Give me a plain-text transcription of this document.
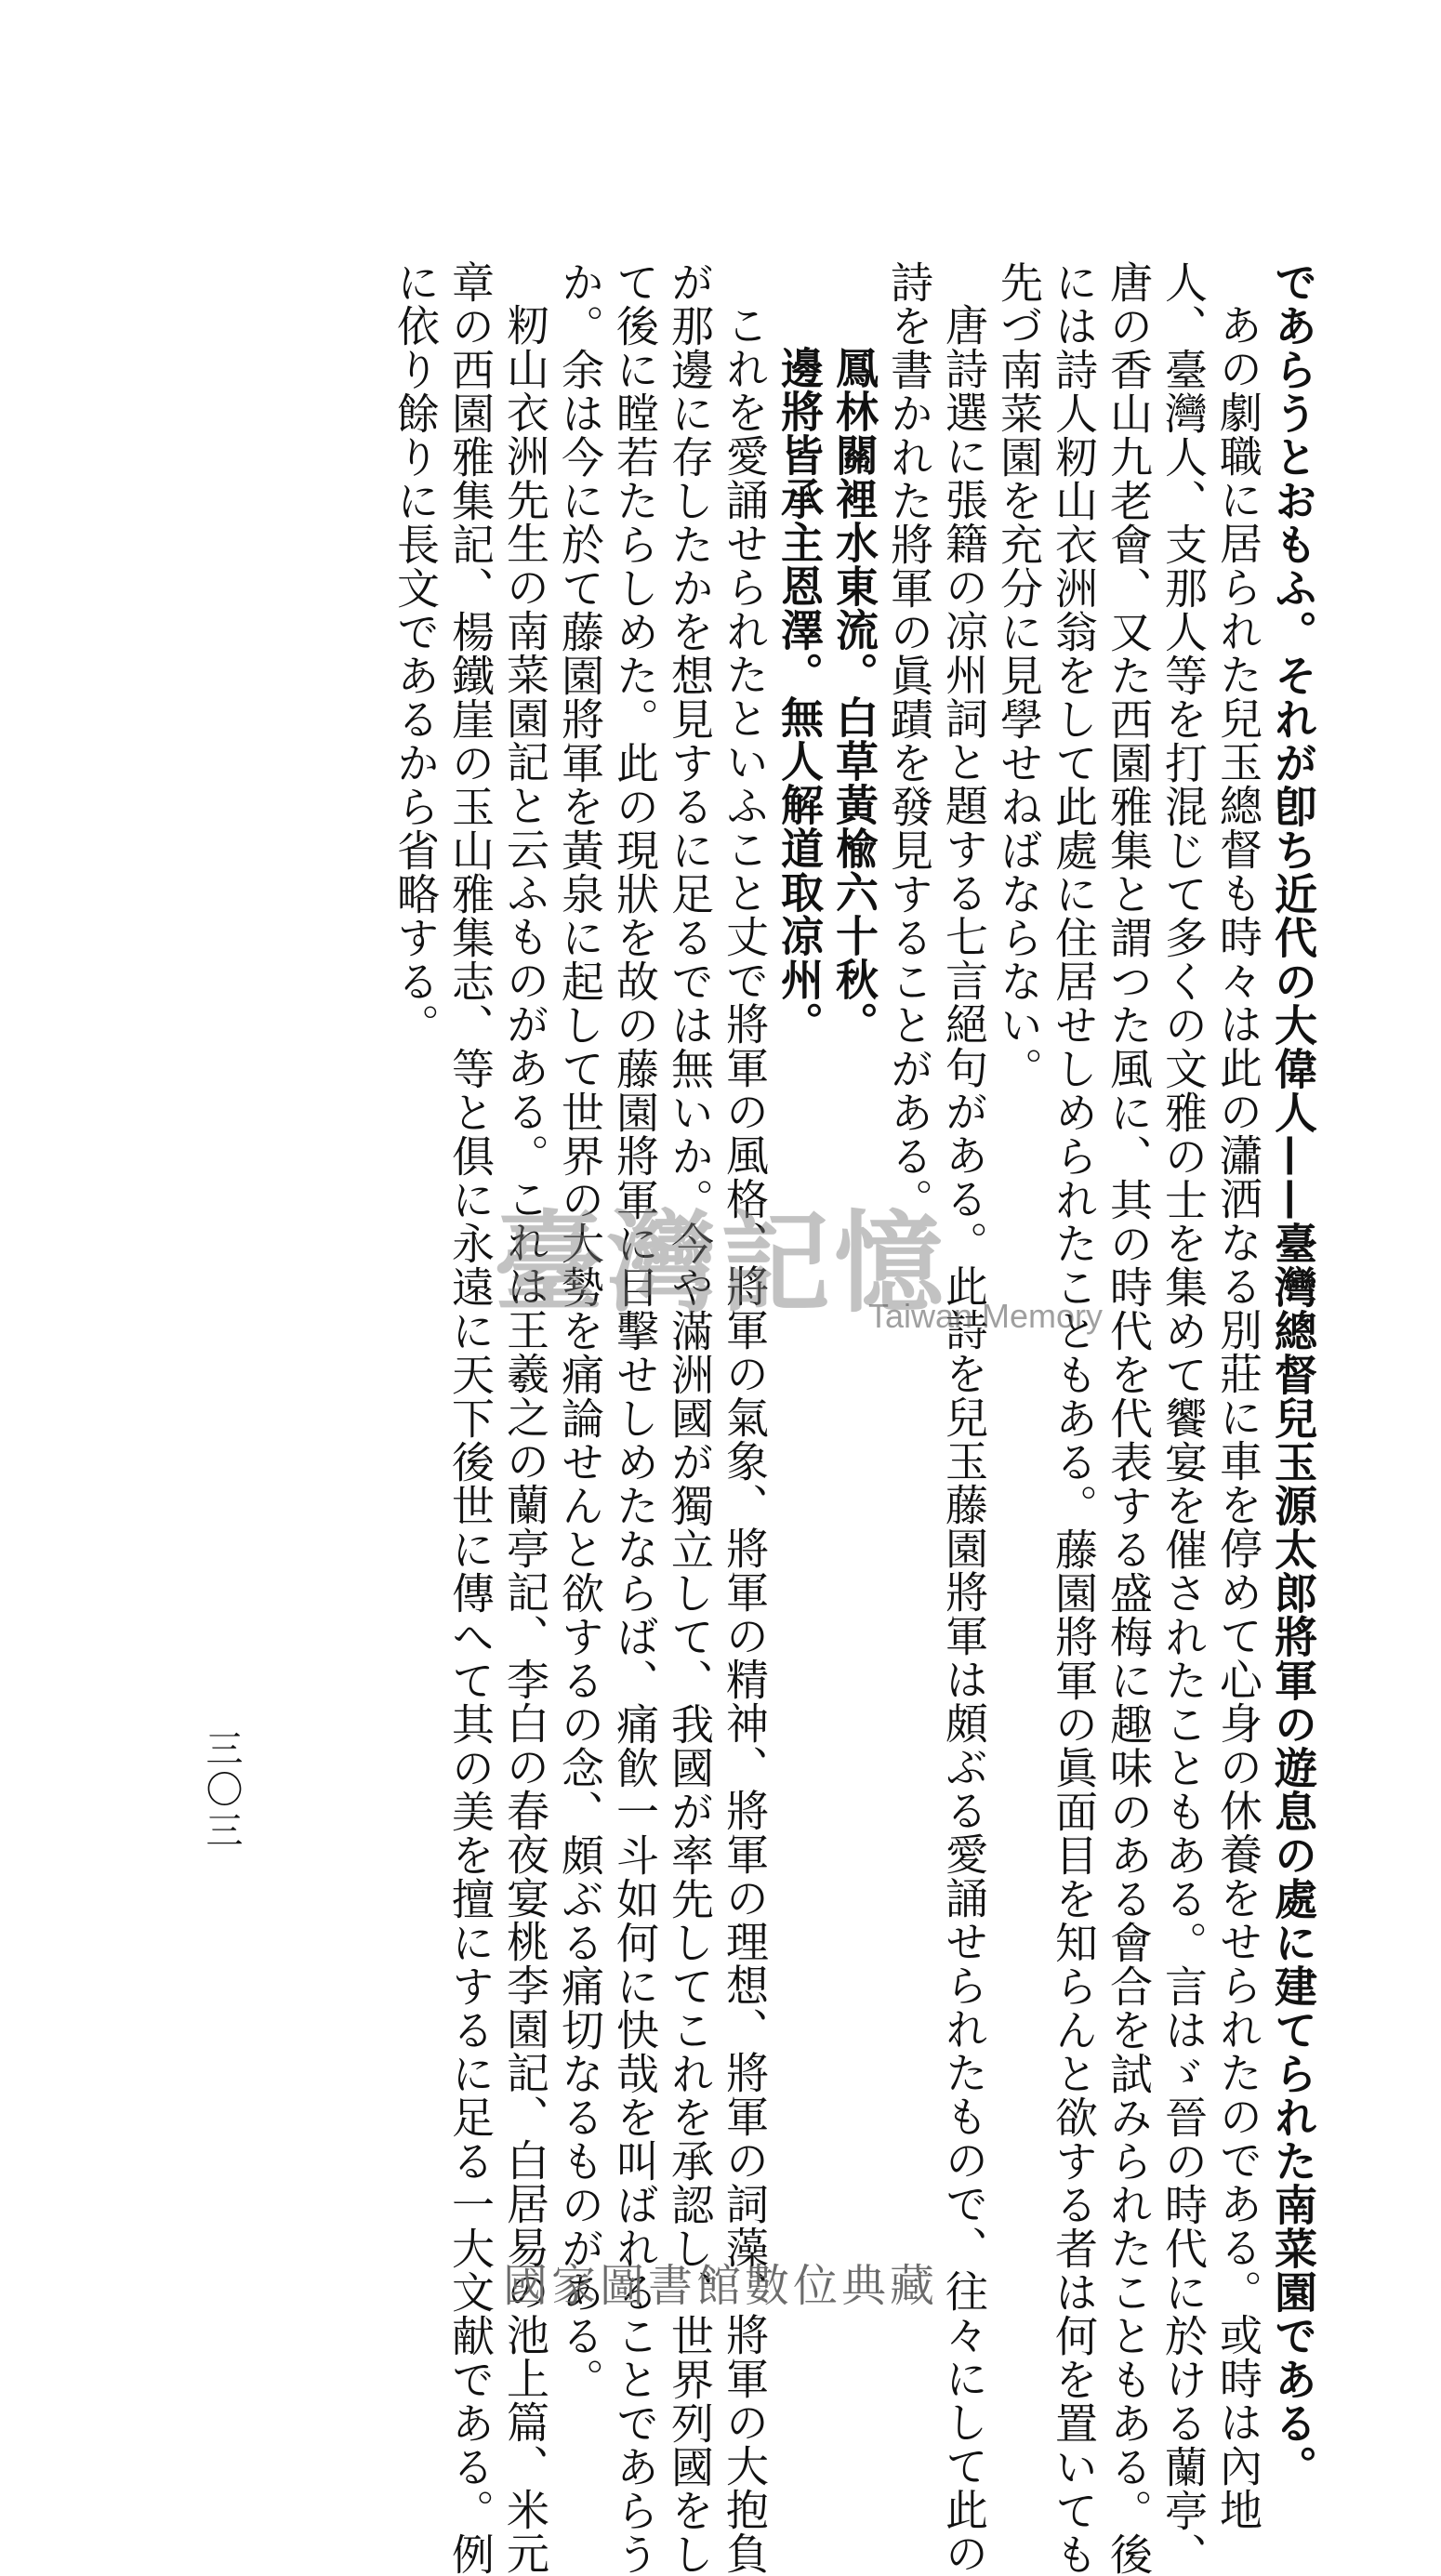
であらうとおもふ。それが卽ち近代の大偉人——臺灣總督兒玉源太郎將軍の遊息の處に建てられた南菜園である。

あの劇職に居られた兒玉總督も時々は此の瀟洒なる別莊に車を停めて心身の休養をせられたのである。或時は內地

人、臺灣人、支那人等を打混じて多くの文雅の士を集めて饗宴を催されたこともある。言はゞ晉の時代に於ける蘭亭、

唐の香山九老會、又た西園雅集と謂つた風に、其の時代を代表する盛梅に趣味のある會合を試みられたこともある。後

には詩人籾山衣洲翁をして此處に住居せしめられたこともある。藤園將軍の眞面目を知らんと欲する者は何を置いても

先づ南菜園を充分に見學せねばならない。

唐詩選に張籍の凉州詞と題する七言絕句がある。此詩を兒玉藤園將軍は頗ぶる愛誦せられたもので、往々にして此の

詩を書かれた將軍の眞蹟を發見することがある。

鳳林關裡水東流。白草黃楡六十秋。

邊將皆承主恩澤。無人解道取凉州。

これを愛誦せられたといふこと丈で將軍の風格、將軍の氣象、將軍の精神、將軍の理想、將軍の詞藻、將軍の大抱負

が那邊に存したかを想見するに足るでは無いか。今や滿洲國が獨立して、我國が率先してこれを承認し、世界列國をし

て後に瞠若たらしめた。此の現狀を故の藤園將軍に目擊せしめたならば、痛飮一斗如何に快哉を叫ばれることであらう

か。余は今に於て藤園將軍を黃泉に起して世界の大勢を痛論せんと欲するの念、頗ぶる痛切なるものがある。

籾山衣洲先生の南菜園記と云ふものがある。これは王羲之の蘭亭記、李白の春夜宴桃李園記、白居易の池上篇、米元

章の西園雅集記、楊鐵崖の玉山雅集志、等と俱に永遠に天下後世に傳へて其の美を擅にするに足る一大文献である。例

に依り餘りに長文であるから省略する。

三〇三
臺灣記憶
Taiwan Memory
國家圖書館數位典藏
